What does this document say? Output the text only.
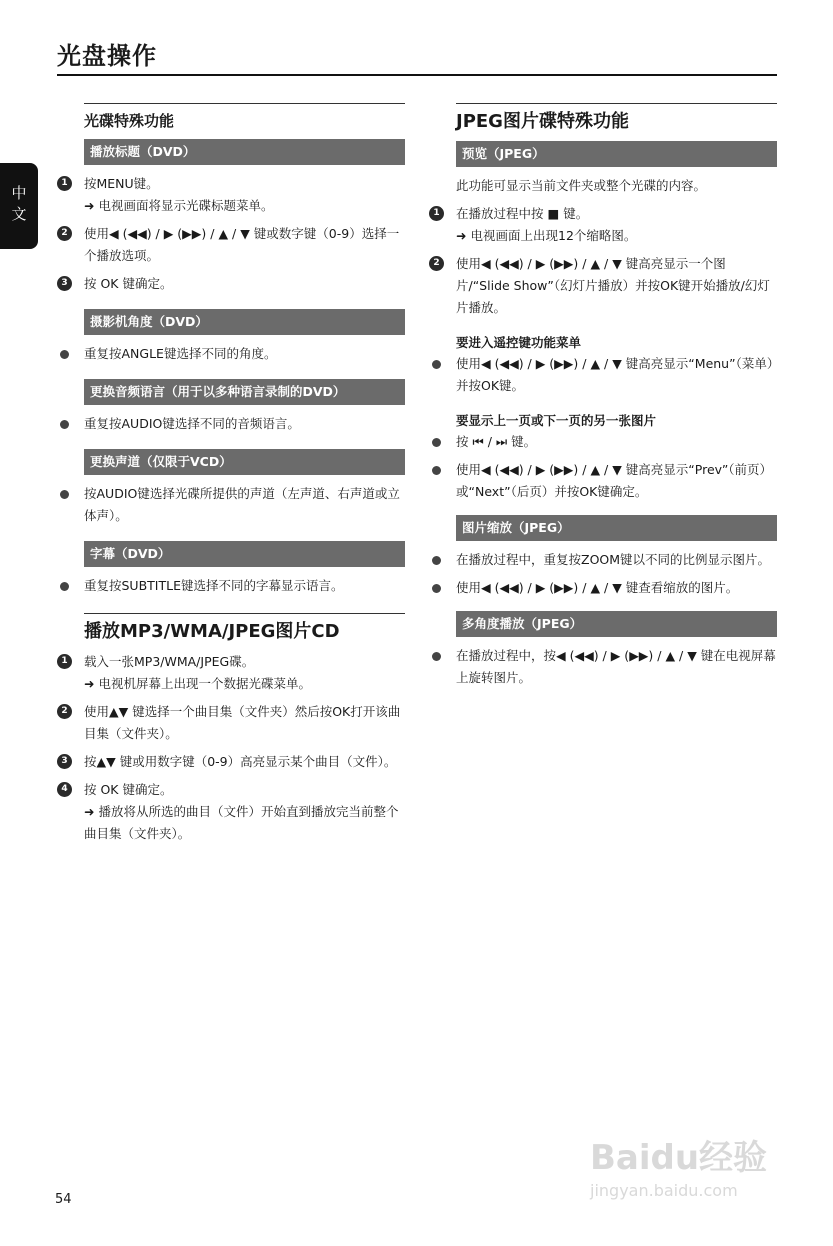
光盘操作
中文
光碟特殊功能
播放标题（DVD）
1	按MENU键。
➜ 电视画面将显示光碟标题菜单。
2	使用◀ (◀◀) / ▶ (▶▶) / ▲ / ▼ 键或数字键（0-9）选择一个播放选项。
3	按 OK 键确定。
摄影机角度（DVD）
重复按ANGLE键选择不同的角度。
更换音频语言（用于以多种语言录制的DVD）
重复按AUDIO键选择不同的音频语言。
更换声道（仅限于VCD）
按AUDIO键选择光碟所提供的声道（左声道、右声道或立体声）。
字幕（DVD）
重复按SUBTITLE键选择不同的字幕显示语言。
播放MP3/WMA/JPEG图片CD
1	载入一张MP3/WMA/JPEG碟。
➜ 电视机屏幕上出现一个数据光碟菜单。
2	使用▲▼ 键选择一个曲目集（文件夹）然后按OK打开该曲目集（文件夹）。
3	按▲▼ 键或用数字键（0-9）高亮显示某个曲目（文件）。
4	按 OK 键确定。
➜ 播放将从所选的曲目（文件）开始直到播放完当前整个曲目集（文件夹）。
JPEG图片碟特殊功能
预览（JPEG）
此功能可显示当前文件夹或整个光碟的内容。
1	在播放过程中按 ■ 键。
➜ 电视画面上出现12个缩略图。
2	使用◀ (◀◀) / ▶ (▶▶) / ▲ / ▼ 键高亮显示一个图片/“Slide Show”（幻灯片播放）并按OK键开始播放/幻灯片播放。
要进入遥控键功能菜单
使用◀ (◀◀) / ▶ (▶▶) / ▲ / ▼ 键高亮显示“Menu”（菜单）并按OK键。
要显示上一页或下一页的另一张图片
按 ⏮ / ⏭ 键。
使用◀ (◀◀) / ▶ (▶▶) / ▲ / ▼ 键高亮显示“Prev”（前页）或“Next”（后页）并按OK键确定。
图片缩放（JPEG）
在播放过程中，重复按ZOOM键以不同的比例显示图片。
使用◀ (◀◀) / ▶ (▶▶) / ▲ / ▼ 键查看缩放的图片。
多角度播放（JPEG）
在播放过程中，按◀ (◀◀) / ▶ (▶▶) / ▲ / ▼ 键在电视屏幕上旋转图片。
Baidu经验
jingyan.baidu.com
54
